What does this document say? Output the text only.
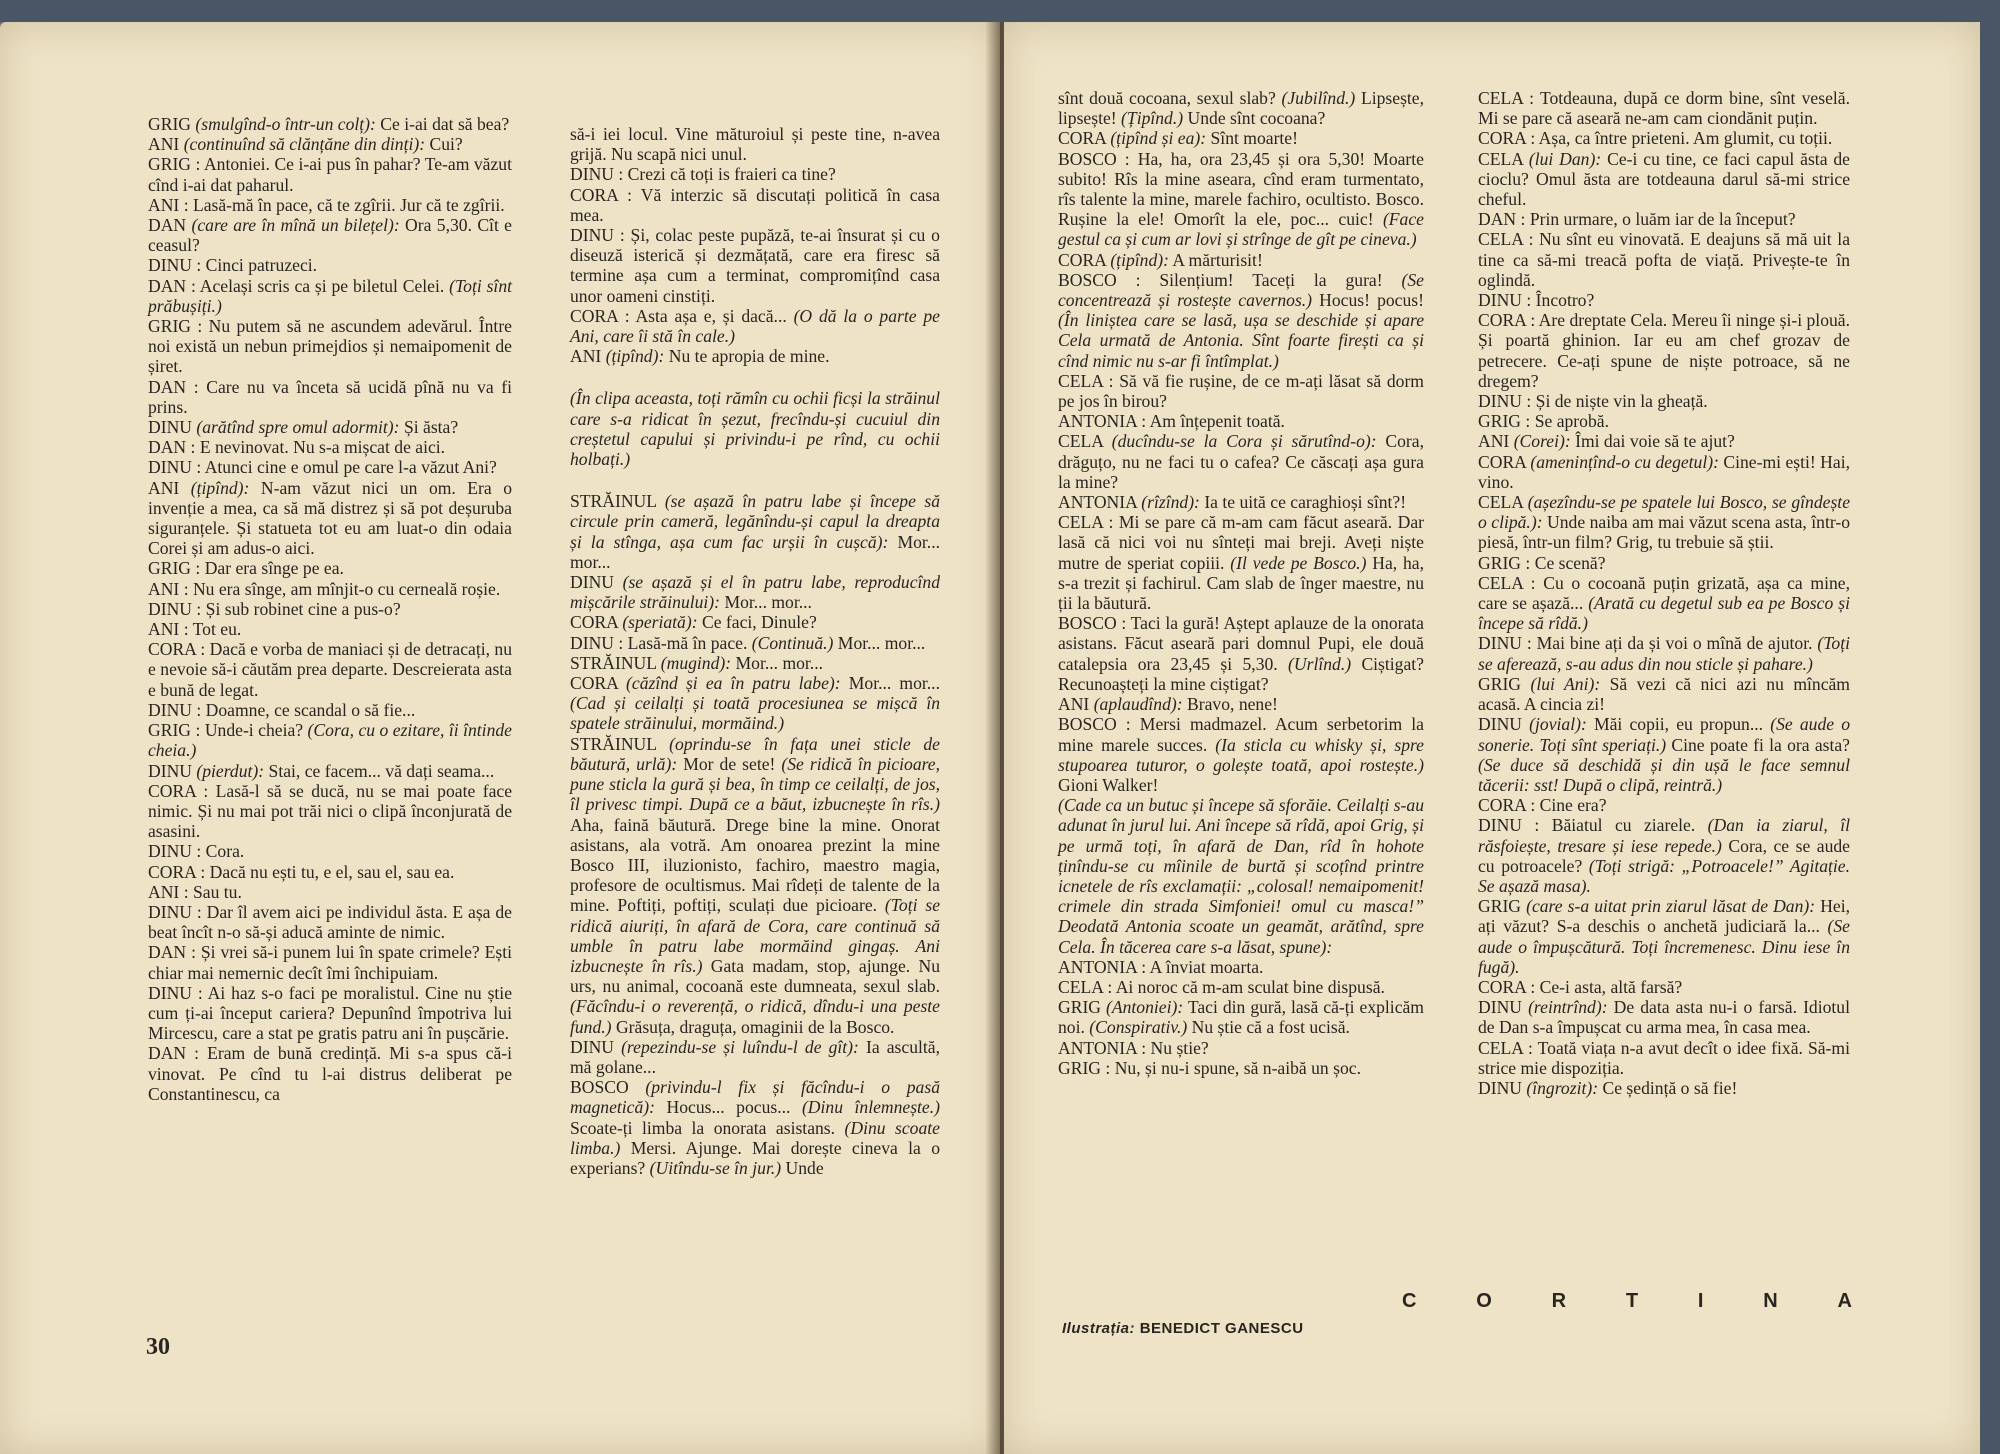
GRIG (smulgînd-o într-un colț): Ce i-ai dat să bea?

ANI (continuînd să clănțăne din dinți): Cui?

GRIG : Antoniei. Ce i-ai pus în pahar? Te-am văzut cînd i-ai dat paharul.

ANI : Lasă-mă în pace, că te zgîrii. Jur că te zgîrii.

DAN (care are în mînă un bilețel): Ora 5,30. Cît e ceasul?

DINU : Cinci patruzeci.

DAN : Același scris ca și pe biletul Celei. (Toți sînt prăbușiți.)

GRIG : Nu putem să ne ascundem adevărul. Între noi există un nebun primejdios și nemaipomenit de șiret.

DAN : Care nu va înceta să ucidă pînă nu va fi prins.

DINU (arătînd spre omul adormit): Și ăsta?

DAN : E nevinovat. Nu s-a mișcat de aici.

DINU : Atunci cine e omul pe care l-a văzut Ani?

ANI (țipînd): N-am văzut nici un om. Era o invenție a mea, ca să mă distrez și să pot deșuruba siguranțele. Și statueta tot eu am luat-o din odaia Corei și am adus-o aici.

GRIG : Dar era sînge pe ea.

ANI : Nu era sînge, am mînjit-o cu cerneală roșie.

DINU : Și sub robinet cine a pus-o?

ANI : Tot eu.

CORA : Dacă e vorba de maniaci și de detracați, nu e nevoie să-i căutăm prea departe. Descreierata asta e bună de legat.

DINU : Doamne, ce scandal o să fie...

GRIG : Unde-i cheia? (Cora, cu o ezitare, îi întinde cheia.)

DINU (pierdut): Stai, ce facem... vă dați seama...

CORA : Lasă-l să se ducă, nu se mai poate face nimic. Și nu mai pot trăi nici o clipă înconjurată de asasini.

DINU : Cora.

CORA : Dacă nu ești tu, e el, sau el, sau ea.

ANI : Sau tu.

DINU : Dar îl avem aici pe individul ăsta. E așa de beat încît n-o să-și aducă aminte de nimic.

DAN : Și vrei să-i punem lui în spate crimele? Ești chiar mai nemernic decît îmi închipuiam.

DINU : Ai haz s-o faci pe moralistul. Cine nu știe cum ți-ai început cariera? Depunînd împotriva lui Mircescu, care a stat pe gratis patru ani în pușcărie.

DAN : Eram de bună credință. Mi s-a spus că-i vinovat. Pe cînd tu l-ai distrus deliberat pe Constantinescu, ca

să-i iei locul. Vine măturoiul și peste tine, n-avea grijă. Nu scapă nici unul.

DINU : Crezi că toți is fraieri ca tine?

CORA : Vă interzic să discutați politică în casa mea.

DINU : Și, colac peste pupăză, te-ai însurat și cu o diseuză isterică și dezmățată, care era firesc să termine așa cum a terminat, compromițînd casa unor oameni cinstiți.

CORA : Asta așa e, și dacă... (O dă la o parte pe Ani, care îi stă în cale.)

ANI (țipînd): Nu te apropia de mine.

(În clipa aceasta, toți rămîn cu ochii ficși la străinul care s-a ridicat în șezut, frecîndu-și cucuiul din creștetul capului și privindu-i pe rînd, cu ochii holbați.)

STRĂINUL (se așază în patru labe și începe să circule prin cameră, legănîndu-și capul la dreapta și la stînga, așa cum fac urșii în cușcă): Mor... mor...

DINU (se așază și el în patru labe, reproducînd mișcările străinului): Mor... mor...

CORA (speriată): Ce faci, Dinule?

DINU : Lasă-mă în pace. (Continuă.) Mor... mor...

STRĂINUL (mugind): Mor... mor...

CORA (căzînd și ea în patru labe): Mor... mor... (Cad și ceilalți și toată procesiunea se mișcă în spatele străinului, mormăind.)

STRĂINUL (oprindu-se în fața unei sticle de băutură, urlă): Mor de sete! (Se ridică în picioare, pune sticla la gură și bea, în timp ce ceilalți, de jos, îl privesc timpi. După ce a băut, izbucnește în rîs.) Aha, faină băutură. Drege bine la mine. Onorat asistans, ala votră. Am onoarea prezint la mine Bosco III, iluzionisto, fachiro, maestro magia, profesore de ocultismus. Mai rîdeți de talente de la mine. Poftiți, poftiți, sculați due picioare. (Toți se ridică aiuriți, în afară de Cora, care continuă să umble în patru labe mormăind gingaș. Ani izbucnește în rîs.) Gata madam, stop, ajunge. Nu urs, nu animal, cocoană este dumneata, sexul slab. (Făcîndu-i o reverență, o ridică, dîndu-i una peste fund.) Grăsuța, draguța, omaginii de la Bosco.

DINU (repezindu-se și luîndu-l de gît): Ia ascultă, mă golane...

BOSCO (privindu-l fix și făcîndu-i o pasă magnetică): Hocus... pocus... (Dinu înlemnește.) Scoate-ți limba la onorata asistans. (Dinu scoate limba.) Mersi. Ajunge. Mai dorește cineva la o experians? (Uitîndu-se în jur.) Unde

30

sînt două cocoana, sexul slab? (Jubilînd.) Lipsește, lipsește! (Țipînd.) Unde sînt cocoana?

CORA (țipînd și ea): Sînt moarte!

BOSCO : Ha, ha, ora 23,45 și ora 5,30! Moarte subito! Rîs la mine aseara, cînd eram turmentato, rîs talente la mine, marele fachiro, ocultisto. Bosco. Rușine la ele! Omorît la ele, poc... cuic! (Face gestul ca și cum ar lovi și strînge de gît pe cineva.)

CORA (țipînd): A mărturisit!

BOSCO : Silențium! Taceți la gura! (Se concentrează și rostește cavernos.) Hocus! pocus! (În liniștea care se lasă, ușa se deschide și apare Cela urmată de Antonia. Sînt foarte firești ca și cînd nimic nu s-ar fi întîmplat.)

CELA : Să vă fie rușine, de ce m-ați lăsat să dorm pe jos în birou?

ANTONIA : Am înțepenit toată.

CELA (ducîndu-se la Cora și sărutînd-o): Cora, drăguțo, nu ne faci tu o cafea? Ce căscați așa gura la mine?

ANTONIA (rîzînd): Ia te uită ce caraghioși sînt?!

CELA : Mi se pare că m-am cam făcut aseară. Dar lasă că nici voi nu sînteți mai breji. Aveți niște mutre de speriat copiii. (Il vede pe Bosco.) Ha, ha, s-a trezit și fachirul. Cam slab de înger maestre, nu ții la băutură.

BOSCO : Taci la gură! Aștept aplauze de la onorata asistans. Făcut aseară pari domnul Pupi, ele două catalepsia ora 23,45 și 5,30. (Urlînd.) Ciștigat? Recunoașteți la mine ciștigat?

ANI (aplaudînd): Bravo, nene!

BOSCO : Mersi madmazel. Acum serbetorim la mine marele succes. (Ia sticla cu whisky și, spre stupoarea tuturor, o golește toată, apoi rostește.) Gioni Walker!

(Cade ca un butuc și începe să sforăie. Ceilalți s-au adunat în jurul lui. Ani începe să rîdă, apoi Grig, și pe urmă toți, în afară de Dan, rîd în hohote ținîndu-se cu mîinile de burtă și scoțînd printre icnetele de rîs exclamații: „colosal! nemaipomenit! crimele din strada Simfoniei! omul cu masca!” Deodată Antonia scoate un geamăt, arătînd, spre Cela. În tăcerea care s-a lăsat, spune):

ANTONIA : A înviat moarta.

CELA : Ai noroc că m-am sculat bine dispusă.

GRIG (Antoniei): Taci din gură, lasă că-ți explicăm noi. (Conspirativ.) Nu știe că a fost ucisă.

ANTONIA : Nu știe?

GRIG : Nu, și nu-i spune, să n-aibă un șoc.

CELA : Totdeauna, după ce dorm bine, sînt veselă. Mi se pare că aseară ne-am cam ciondănit puțin.

CORA : Așa, ca între prieteni. Am glumit, cu toții.

CELA (lui Dan): Ce-i cu tine, ce faci capul ăsta de cioclu? Omul ăsta are totdeauna darul să-mi strice cheful.

DAN : Prin urmare, o luăm iar de la început?

CELA : Nu sînt eu vinovată. E deajuns să mă uit la tine ca să-mi treacă pofta de viață. Privește-te în oglindă.

DINU : Încotro?

CORA : Are dreptate Cela. Mereu îi ninge și-i plouă. Și poartă ghinion. Iar eu am chef grozav de petrecere. Ce-ați spune de niște potroace, să ne dregem?

DINU : Și de niște vin la gheață.

GRIG : Se aprobă.

ANI (Corei): Îmi dai voie să te ajut?

CORA (amenințînd-o cu degetul): Cine-mi ești! Hai, vino.

CELA (așezîndu-se pe spatele lui Bosco, se gîndește o clipă.): Unde naiba am mai văzut scena asta, într-o piesă, într-un film? Grig, tu trebuie să știi.

GRIG : Ce scenă?

CELA : Cu o cocoană puțin grizată, așa ca mine, care se așază... (Arată cu degetul sub ea pe Bosco și începe să rîdă.)

DINU : Mai bine ați da și voi o mînă de ajutor. (Toți se aferează, s-au adus din nou sticle și pahare.)

GRIG (lui Ani): Să vezi că nici azi nu mîncăm acasă. A cincia zi!

DINU (jovial): Măi copii, eu propun... (Se aude o sonerie. Toți sînt speriați.) Cine poate fi la ora asta? (Se duce să deschidă și din ușă le face semnul tăcerii: sst! După o clipă, reintră.)

CORA : Cine era?

DINU : Băiatul cu ziarele. (Dan ia ziarul, îl răsfoiește, tresare și iese repede.) Cora, ce se aude cu potroacele? (Toți strigă: „Potroacele!” Agitație. Se așază masa).

GRIG (care s-a uitat prin ziarul lăsat de Dan): Hei, ați văzut? S-a deschis o anchetă judiciară la... (Se aude o împușcătură. Toți încremenesc. Dinu iese în fugă).

CORA : Ce-i asta, altă farsă?

DINU (reintrînd): De data asta nu-i o farsă. Idiotul de Dan s-a împușcat cu arma mea, în casa mea.

CELA : Toată viața n-a avut decît o idee fixă. Să-mi strice mie dispoziția.

DINU (îngrozit): Ce ședință o să fie!

Ilustrația: BENEDICT GANESCU
C	O	R	T	I	N	A
